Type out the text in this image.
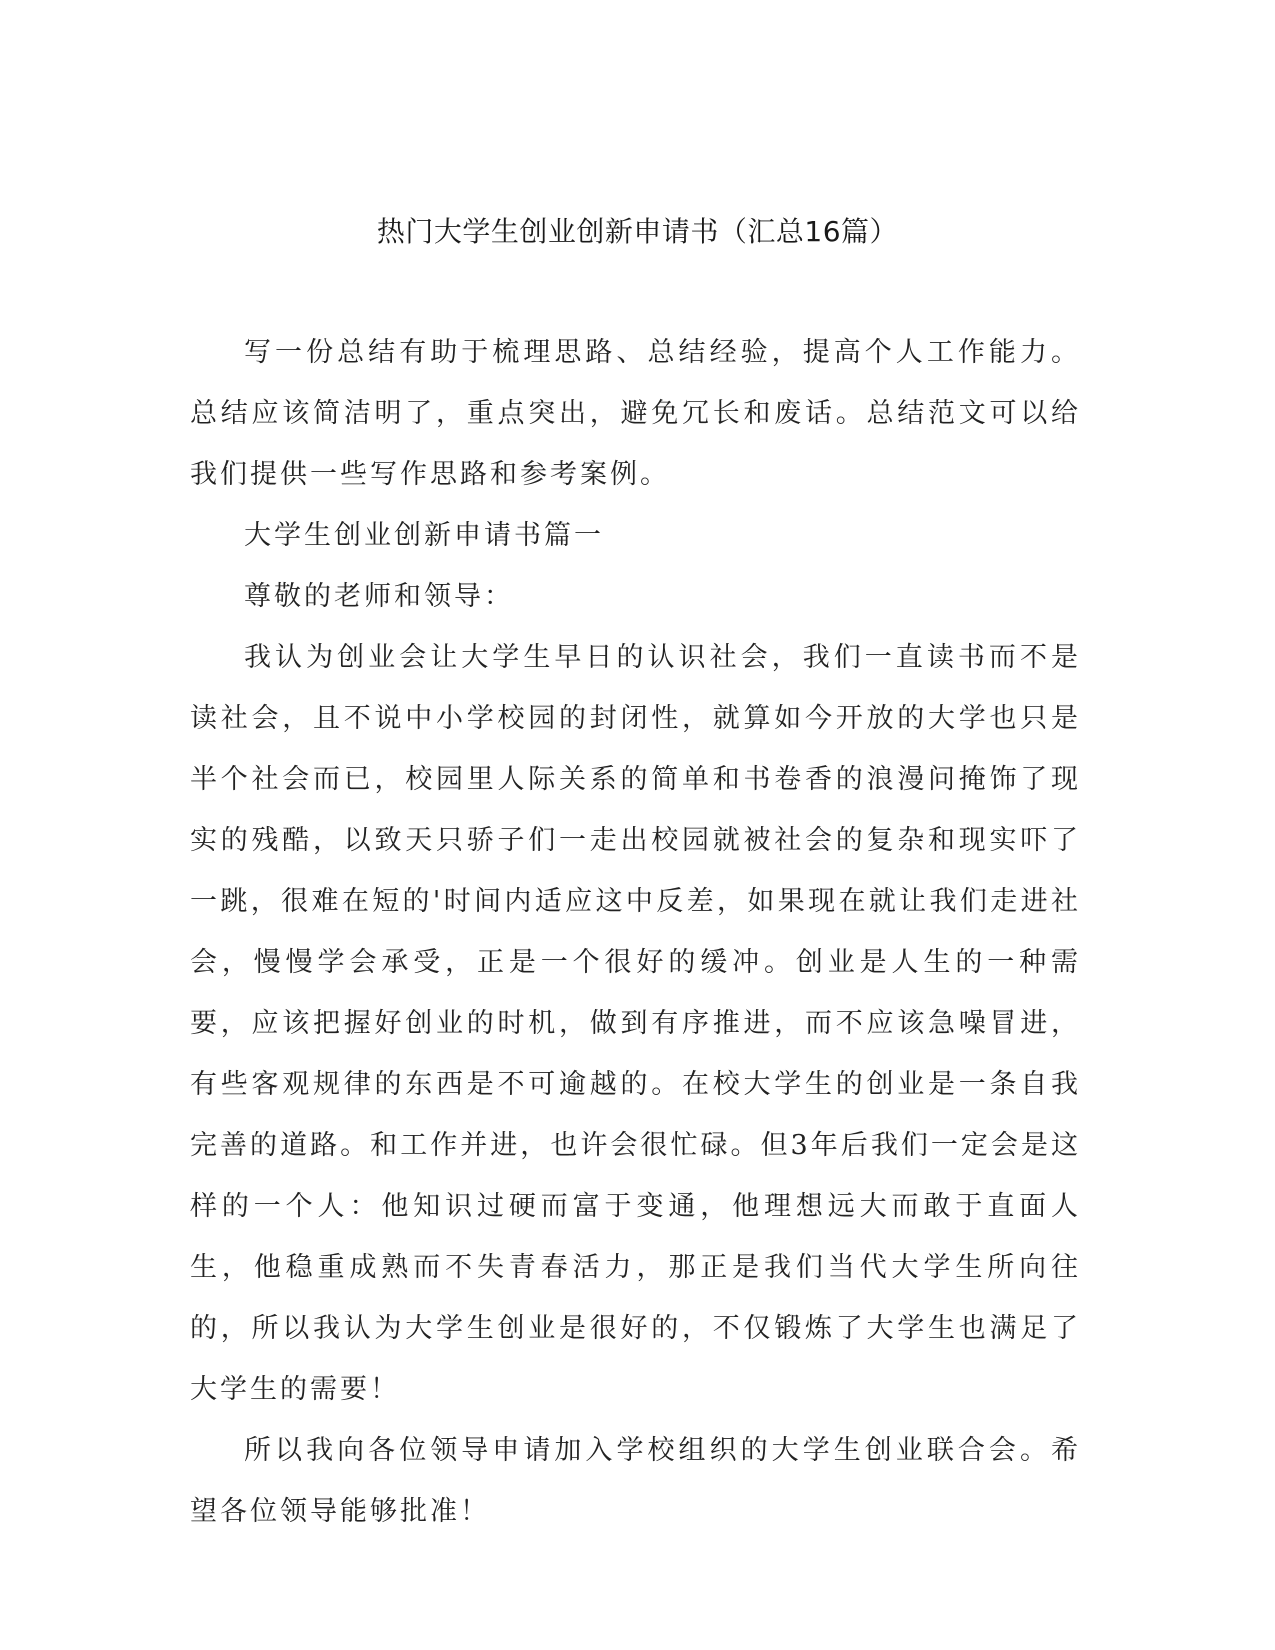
热门大学生创业创新申请书（汇总16篇）

写一份总结有助于梳理思路、总结经验，提高个人工作能力。总结应该简洁明了，重点突出，避免冗长和废话。总结范文可以给我们提供一些写作思路和参考案例。

大学生创业创新申请书篇一

尊敬的老师和领导：

我认为创业会让大学生早日的认识社会，我们一直读书而不是读社会，且不说中小学校园的封闭性，就算如今开放的大学也只是半个社会而已，校园里人际关系的简单和书卷香的浪漫问掩饰了现实的残酷，以致天只骄子们一走出校园就被社会的复杂和现实吓了一跳，很难在短的'时间内适应这中反差，如果现在就让我们走进社会，慢慢学会承受，正是一个很好的缓冲。创业是人生的一种需要，应该把握好创业的时机，做到有序推进，而不应该急噪冒进，有些客观规律的东西是不可逾越的。在校大学生的创业是一条自我完善的道路。和工作并进，也许会很忙碌。但3年后我们一定会是这样的一个人：他知识过硬而富于变通，他理想远大而敢于直面人生，他稳重成熟而不失青春活力，那正是我们当代大学生所向往的，所以我认为大学生创业是很好的，不仅锻炼了大学生也满足了大学生的需要！

所以我向各位领导申请加入学校组织的大学生创业联合会。希望各位领导能够批准！
